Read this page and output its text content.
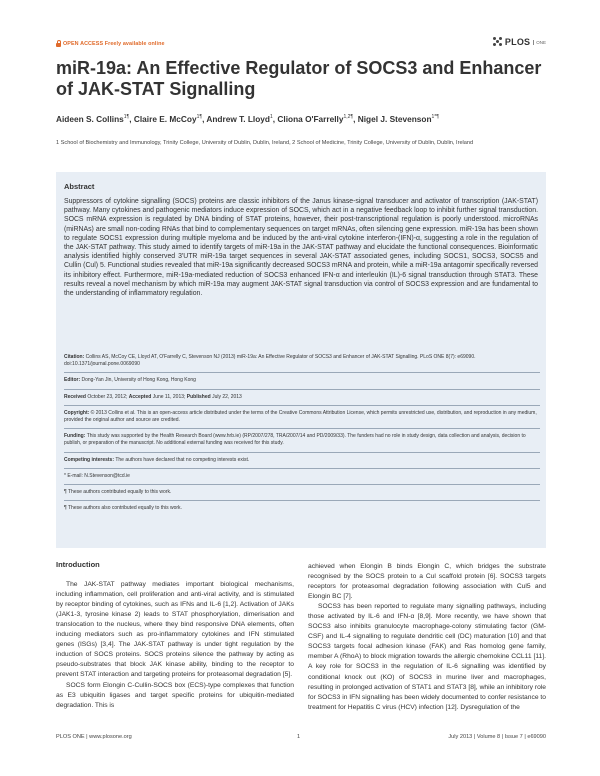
OPEN ACCESS Freely available online	PLOS	ONE
miR-19a: An Effective Regulator of SOCS3 and Enhancer of JAK-STAT Signalling
Aideen S. Collins$^{1\P}$, Claire E. McCoy$^{1\P}$, Andrew T. Lloyd$^1$, Cliona O'Farrelly$^{1,2\P}$, Nigel J. Stevenson$^{1*\P}$
1 School of Biochemistry and Immunology, Trinity College, University of Dublin, Dublin, Ireland, 2 School of Medicine, Trinity College, University of Dublin, Dublin, Ireland
Abstract

Suppressors of cytokine signalling (SOCS) proteins are classic inhibitors of the Janus kinase-signal transducer and activator of transcription (JAK-STAT) pathway. Many cytokines and pathogenic mediators induce expression of SOCS, which act in a negative feedback loop to inhibit further signal transduction. SOCS mRNA expression is regulated by DNA binding of STAT proteins, however, their post-transcriptional regulation is poorly understood. microRNAs (miRNAs) are small non-coding RNAs that bind to complementary sequences on target mRNAs, often silencing gene expression. miR-19a has been shown to regulate SOCS1 expression during multiple myeloma and be induced by the anti-viral cytokine interferon-(IFN)-α, suggesting a role in the regulation of the JAK-STAT pathway. This study aimed to identify targets of miR-19a in the JAK-STAT pathway and elucidate the functional consequences. Bioinformatic analysis identified highly conserved 3'UTR miR-19a target sequences in several JAK-STAT associated genes, including SOCS1, SOCS3, SOCS5 and Cullin (Cul) 5. Functional studies revealed that miR-19a significantly decreased SOCS3 mRNA and protein, while a miR-19a antagomir specifically reversed its inhibitory effect. Furthermore, miR-19a-mediated reduction of SOCS3 enhanced IFN-α and interleukin (IL)-6 signal transduction through STAT3. These results reveal a novel mechanism by which miR-19a may augment JAK-STAT signal transduction via control of SOCS3 expression and are fundamental to the understanding of inflammatory regulation.

Citation: Collins AS, McCoy CE, Lloyd AT, O'Farrelly C, Stevenson NJ (2013) miR-19a: An Effective Regulator of SOCS3 and Enhancer of JAK-STAT Signalling. PLoS ONE 8(7): e69090. doi:10.1371/journal.pone.0069090

Editor: Dong-Yan Jin, University of Hong Kong, Hong Kong

Received October 23, 2012; Accepted June 11, 2013; Published July 22, 2013

Copyright: © 2013 Collins et al. This is an open-access article distributed under the terms of the Creative Commons Attribution License, which permits unrestricted use, distribution, and reproduction in any medium, provided the original author and source are credited.

Funding: This study was supported by the Health Research Board (www.hrb.ie) (RP/2007/278, TRA/2007/14 and PD/2009/33). The funders had no role in study design, data collection and analysis, decision to publish, or preparation of the manuscript. No additional external funding was received for this study.

Competing interests: The authors have declared that no competing interests exist.

* E-mail: N.Stevenson@tcd.ie

¶ These authors contributed equally to this work.

¶ These authors also contributed equally to this work.

Introduction

The JAK-STAT pathway mediates important biological mechanisms, including inflammation, cell proliferation and anti-viral activity, and is stimulated by receptor binding of cytokines, such as IFNs and IL-6 [1,2]. Activation of JAKs (JAK1-3, tyrosine kinase 2) leads to STAT phosphorylation, dimerisation and translocation to the nucleus, where they bind responsive DNA elements, often inducing mediators such as pro-inflammatory cytokines and IFN stimulated genes (ISGs) [3,4]. The JAK-STAT pathway is under tight regulation by the induction of SOCS proteins. SOCS proteins silence the pathway by acting as pseudo-substrates that block JAK kinase ability, binding to the receptor to prevent STAT interaction and targeting proteins for proteasomal degradation [5].

SOCS form Elongin C-Cullin-SOCS box (ECS)-type complexes that function as E3 ubiquitin ligases and target specific proteins for ubiquitin-mediated degradation. This is

achieved when Elongin B binds Elongin C, which bridges the substrate recognised by the SOCS protein to a Cul scaffold protein [6]. SOCS3 targets receptors for proteasomal degradation following association with Cul5 and Elongin BC [7].

SOCS3 has been reported to regulate many signalling pathways, including those activated by IL-6 and IFN-α [8,9]. More recently, we have shown that SOCS3 also inhibits granulocyte macrophage-colony stimulating factor (GM-CSF) and IL-4 signalling to regulate dendritic cell (DC) maturation [10] and that SOCS3 targets focal adhesion kinase (FAK) and Ras homolog gene family, member A (RhoA) to block migration towards the allergic chemokine CCL11 [11]. A key role for SOCS3 in the regulation of IL-6 signalling was identified by conditional knock out (KO) of SOCS3 in murine liver and macrophages, resulting in prolonged activation of STAT1 and STAT3 [8], while an inhibitory role for SOCS3 in IFN signalling has been widely documented to confer resistance to treatment for Hepatitis C virus (HCV) infection [12]. Dysregulation of the

PLOS ONE | www.plosone.org	1	July 2013 | Volume 8 | Issue 7 | e69090
